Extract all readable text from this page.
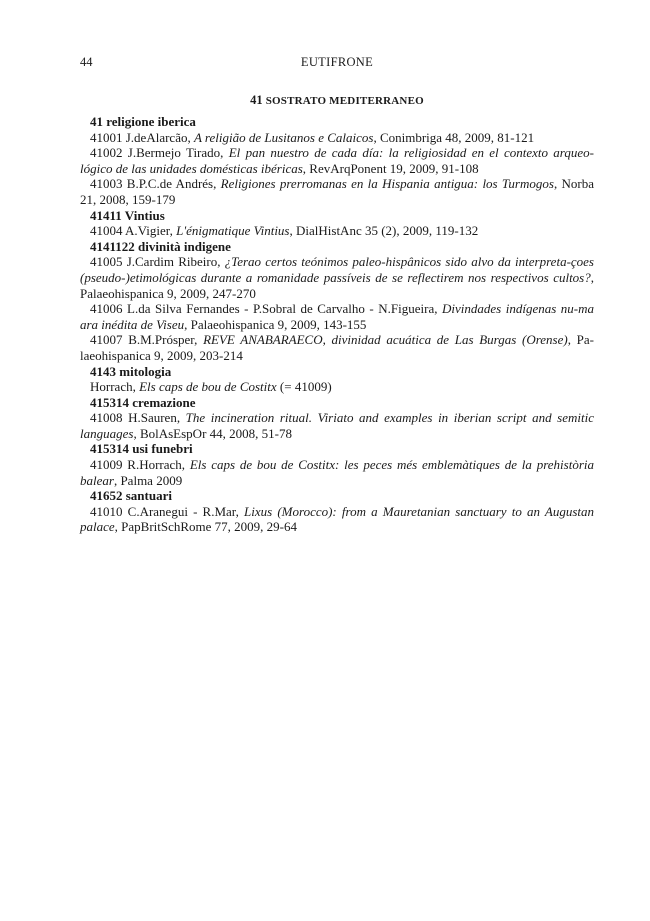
44	EUTIFRONE

41 SOSTRATO MEDITERRANEO

41 religione iberica

41001 J.deAlarcão, A religião de Lusitanos e Calaicos, Conimbriga 48, 2009, 81-121

41002 J.Bermejo Tirado, El pan nuestro de cada día: la religiosidad en el contexto arqueo-lógico de las unidades domésticas ibéricas, RevArqPonent 19, 2009, 91-108

41003 B.P.C.de Andrés, Religiones prerromanas en la Hispania antigua: los Turmogos, Norba 21, 2008, 159-179

41411 Vintius

41004 A.Vigier, L'énigmatique Vintius, DialHistAnc 35 (2), 2009, 119-132

4141122 divinità indigene

41005 J.Cardim Ribeiro, ¿Terao certos teónimos paleo-hispânicos sido alvo da interpreta-çoes (pseudo-)etimológicas durante a romanidade passíveis de se reflectirem nos respectivos cultos?, Palaeohispanica 9, 2009, 247-270

41006 L.da Silva Fernandes - P.Sobral de Carvalho - N.Figueira, Divindades indígenas nu-ma ara inédita de Viseu, Palaeohispanica 9, 2009, 143-155

41007 B.M.Prósper, REVE ANABARAECO, divinidad acuática de Las Burgas (Orense), Pa-laeohispanica 9, 2009, 203-214

4143 mitologia

Horrach, Els caps de bou de Costitx (= 41009)

415314 cremazione

41008 H.Sauren, The incineration ritual. Viriato and examples in iberian script and semitic languages, BolAsEspOr 44, 2008, 51-78

415314 usi funebri

41009 R.Horrach, Els caps de bou de Costitx: les peces més emblemàtiques de la prehistòria balear, Palma 2009

41652 santuari

41010 C.Aranegui - R.Mar, Lixus (Morocco): from a Mauretanian sanctuary to an Augustan palace, PapBritSchRome 77, 2009, 29-64
